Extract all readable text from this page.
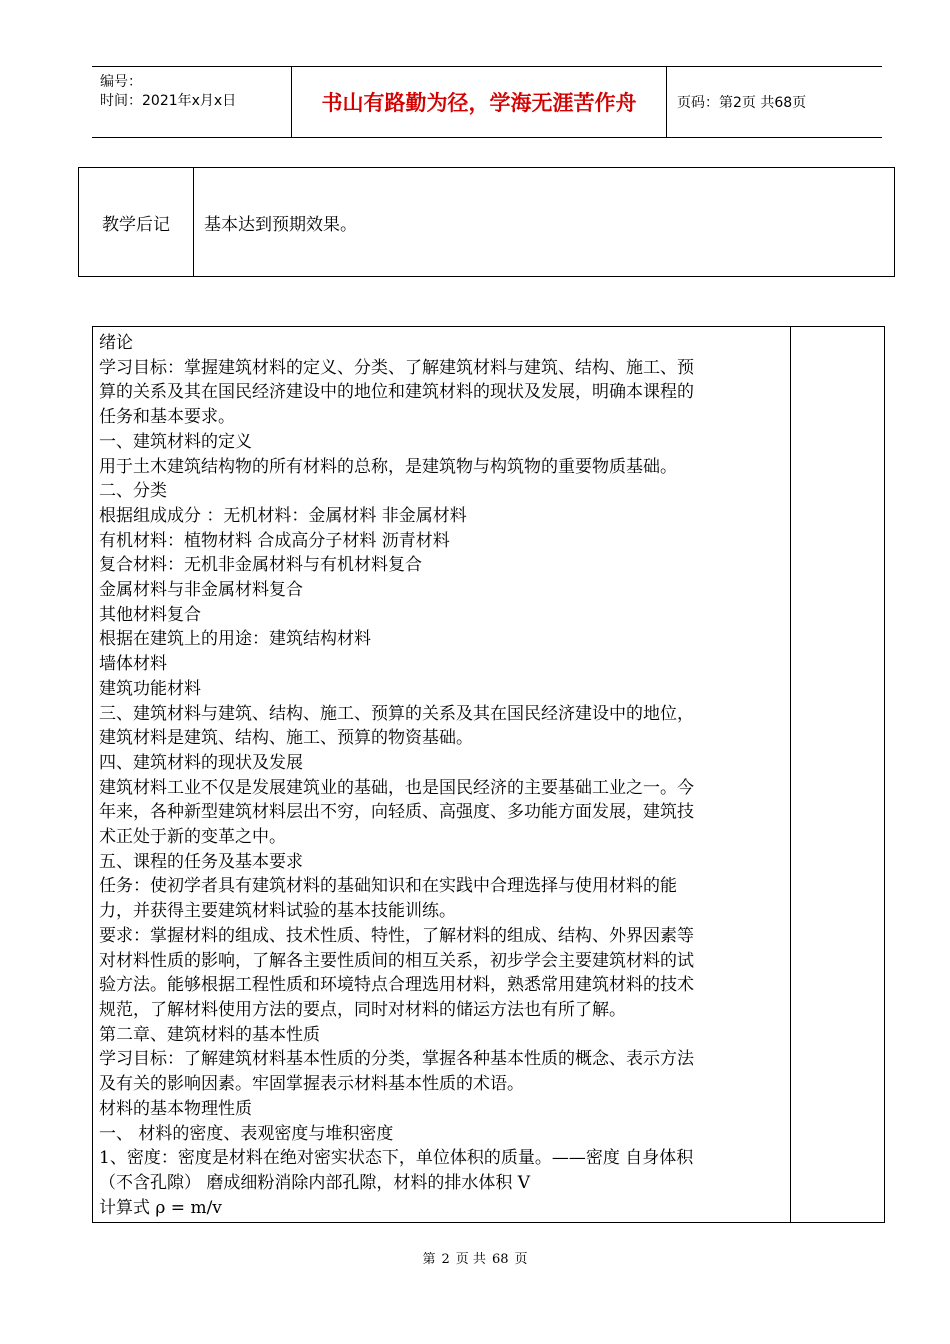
编号：
时间：2021年x月x日	书山有路勤为径，学海无涯苦作舟	页码：第2页 共68页
教学后记	基本达到预期效果。
绪论
学习目标：掌握建筑材料的定义、分类、了解建筑材料与建筑、结构、施工、预
算的关系及其在国民经济建设中的地位和建筑材料的现状及发展，明确本课程的
任务和基本要求。
一、建筑材料的定义
用于土木建筑结构物的所有材料的总称，是建筑物与构筑物的重要物质基础。
二、分类
根据组成成分 ：无机材料：金属材料 非金属材料
有机材料：植物材料 合成高分子材料 沥青材料
复合材料：无机非金属材料与有机材料复合
金属材料与非金属材料复合
其他材料复合
根据在建筑上的用途：建筑结构材料
墙体材料
建筑功能材料
三、建筑材料与建筑、结构、施工、预算的关系及其在国民经济建设中的地位，
建筑材料是建筑、结构、施工、预算的物资基础。
四、建筑材料的现状及发展
建筑材料工业不仅是发展建筑业的基础，也是国民经济的主要基础工业之一。今
年来，各种新型建筑材料层出不穷，向轻质、高强度、多功能方面发展，建筑技
术正处于新的变革之中。
五、课程的任务及基本要求
任务：使初学者具有建筑材料的基础知识和在实践中合理选择与使用材料的能
力，并获得主要建筑材料试验的基本技能训练。
要求：掌握材料的组成、技术性质、特性，了解材料的组成、结构、外界因素等
对材料性质的影响，了解各主要性质间的相互关系，初步学会主要建筑材料的试
验方法。能够根据工程性质和环境特点合理选用材料，熟悉常用建筑材料的技术
规范，了解材料使用方法的要点，同时对材料的储运方法也有所了解。
第二章、建筑材料的基本性质
学习目标：了解建筑材料基本性质的分类，掌握各种基本性质的概念、表示方法
及有关的影响因素。牢固掌握表示材料基本性质的术语。
材料的基本物理性质
一、 材料的密度、表观密度与堆积密度
1、密度：密度是材料在绝对密实状态下，单位体积的质量。——密度 自身体积
（不含孔隙） 磨成细粉消除内部孔隙，材料的排水体积 V
计算式 ρ = m/v
第 2 页 共 68 页
